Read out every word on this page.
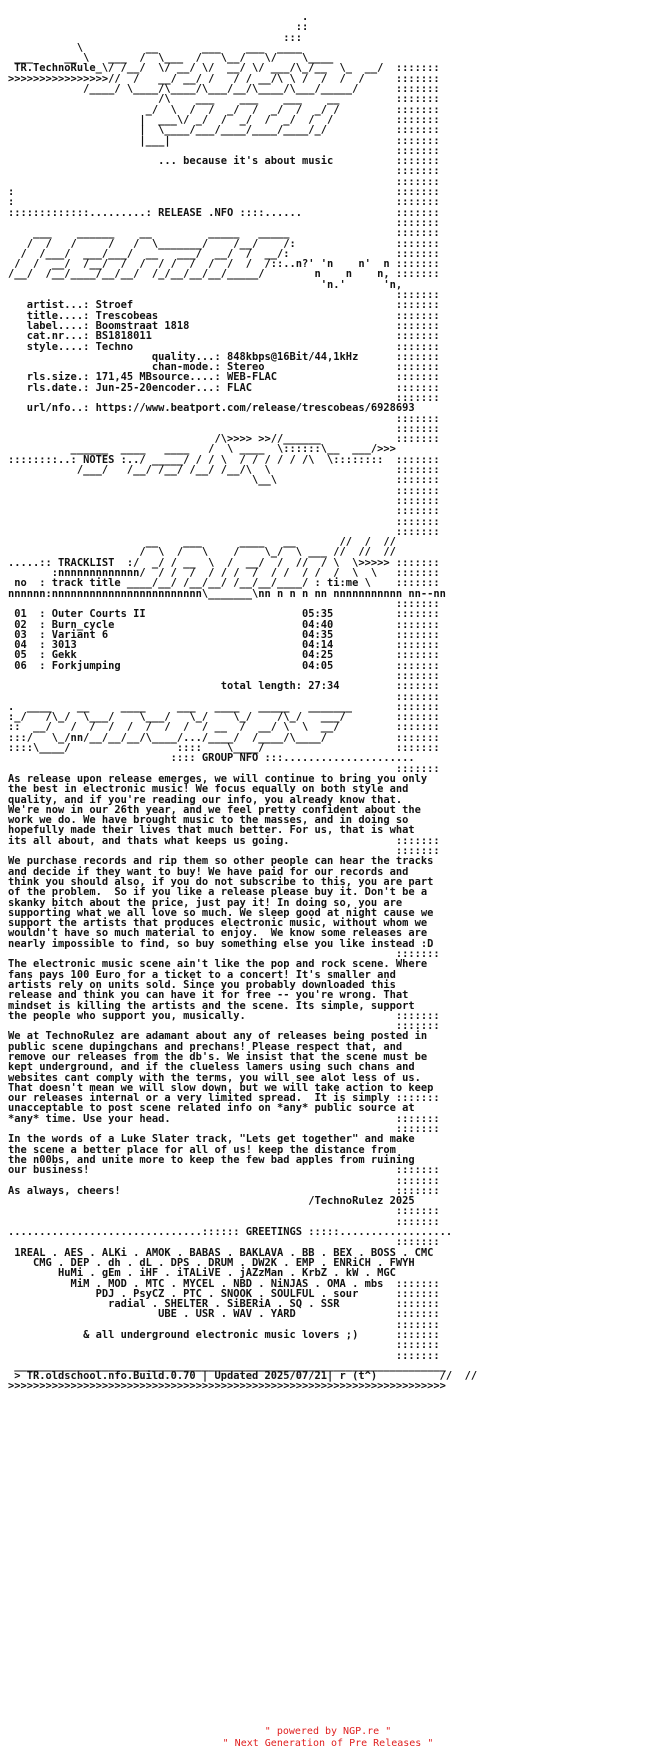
.
::
:::
\          __       ___    ___  ____
___     __ \   ___  /  \___  /   \__/   \/    \____
TR.TechnoRule_\/ /__/  \/ __/ \/  __/ \/ ___/\_/__  \_  __/  :::::::
>>>>>>>>>>>>>>>>//  /   __/ __/ /   / / __/\ \ /  /  /  /     :::::::
/____/ \____/\____/\___/__/\____/\___/_____/      :::::::
/\    ___    ___    ___    __         :::::::
_/  \  /  /  _/  /  _/  /  _/ /         :::::::
|  ___\/ _/  /  _/  /  _/  /  /          :::::::
|  \____/___/____/____/____/_/           :::::::
|___|                                    :::::::
:::::::
... because it's about music          :::::::
:::::::
:::::::
:                                                             :::::::
:                                                             :::::::
:::::::::::::.........: RELEASE .NFO ::::......               :::::::
:::::::
___    ______    __         _____   _____                 :::::::
/  /   /     /   /  \_______/    /__/    /:                :::::::
/  /___/  ___/___/  __   ___/  __/  /  __/:                 :::::::
/  /  __/  /__/  /  /  / /  /  /  /  /  /::..n?' 'n    n'  n :::::::
/__/  /__/____/__/__/  /_/__/__/__/_____/        n    n    n, :::::::
'n.'      'n,
:::::::
artist...: Stroef                                          :::::::
title....: Trescobeas                                      :::::::
label....: Boomstraat 1818                                 :::::::
cat.nr...: BS1818011                                       :::::::
style....: Techno                                          :::::::
quality...: 848kbps@16Bit/44,1kHz      :::::::
chan-mode.: Stereo                     :::::::
rls.size.: 171,45 MBsource....: WEB-FLAC                   :::::::
rls.date.: Jun-25-20encoder...: FLAC                       :::::::
:::::::
url/nfo..: https://www.beatport.com/release/trescobeas/6928693
:::::::
:::::::
/\>>>> >>//______            :::::::
______  ____   ____   /  \ ____  \::::::\__  ___/>>>
::::::::..: NOTES :../ _____/ / / \  / / / / / /\  \::::::::  :::::::
/___/   /__/ /__/ /__/ /__/\  \                    :::::::
\__\                   :::::::
:::::::
:::::::
:::::::
:::::::
:::::::
__    ___      ____   __       //  /  //
/  \  /   \    /    \_/  \ ___ //  //  //
.....:: TRACKLIST  :/  _/ / __  \  /  __/  /  //  / \  \>>>>> :::::::
:nnnnnnnnnnnnn/  / /  /  / / /  /  / /  / /  /  \  \   :::::::
no  : track title ____/__/ /__/__/ /__/__/____/ : ti:me \    :::::::
nnnnnn:nnnnnnnnnnnnnnnnnnnnnnnn\_______\nn n n n nn nnnnnnnnnnn nn--nn
:::::::
01  : Outer Courts II                         05:35          :::::::
02  : Burn_cycle                              04:40          :::::::
03  : Variant 6                               04:35          :::::::
04  : 3013                                    04:14          :::::::
05  : Gekk                                    04:25          :::::::
06  : Forkjumping                             04:05          :::::::
:::::::
total length: 27:34         :::::::
:::::::
.  ____    __     ____     ___   ____   _____   _______       :::::::
:_/   /\_/  \___/    \___/   \_/    \_/    /\_/   ___/        :::::::
::  __/   /  /  /  /  /  /  /  / __  /  __/ \  \  __/         :::::::
:::/   \_/nn/__/__/__/\____/.../____/  /____/\____/           :::::::
::::\____/                 ::::    \____/                     :::::::
:::: GROUP NFO :::.....................
:::::::
As release upon release emerges, we will continue to bring you only
the best in electronic music! We focus equally on both style and
quality, and if you're reading our info, you already know that.
We're now in our 26th year, and we feel pretty confident about the
work we do. We have brought music to the masses, and in doing so
hopefully made their lives that much better. For us, that is what
its all about, and thats what keeps us going.                 :::::::
:::::::
We purchase records and rip them so other people can hear the tracks
and decide if they want to buy! We have paid for our records and
think you should also, if you do not subscribe to this, you are part
of the problem.  So if you like a release please buy it. Don't be a
skanky bitch about the price, just pay it! In doing so, you are
supporting what we all love so much. We sleep good at night cause we
support the artists that produces electronic music, without whom we
wouldn't have so much material to enjoy.  We know some releases are
nearly impossible to find, so buy something else you like instead :D
:::::::
The electronic music scene ain't like the pop and rock scene. Where
fans pays 100 Euro for a ticket to a concert! It's smaller and
artists rely on units sold. Since you probably downloaded this
release and think you can have it for free -- you're wrong. That
mindset is killing the artists and the scene. Its simple, support
the people who support you, musically.                        :::::::
:::::::
We at TechnoRulez are adamant about any of releases being posted in
public scene dupingchans and prechans! Please respect that, and
remove our releases from the db's. We insist that the scene must be
kept underground, and if the clueless lamers using such chans and
websites cant comply with the terms, you will see alot less of us.
That doesn't mean we will slow down, but we will take action to keep
our releases internal or a very limited spread.  It is simply :::::::
unacceptable to post scene related info on *any* public source at
*any* time. Use your head.                                    :::::::
:::::::
In the words of a Luke Slater track, "Lets get together" and make
the scene a better place for all of us! keep the distance from
the n00bs, and unite more to keep the few bad apples from ruining
our business!                                                 :::::::
:::::::
As always, cheers!                                            :::::::
/TechnoRulez 2025
:::::::
:::::::
...............................:::::: GREETINGS :::::..................
:::::::
1REAL . AES . ALKi . AMOK . BABAS . BAKLAVA . BB . BEX . BOSS . CMC
CMG . DEP . dh . dL . DPS . DRUM . DW2K . EMP . ENRiCH . FWYH
HuMi . gEm . iHF . iTALiVE . jAZzMan . KrbZ . kW . MGC
MiM . MOD . MTC . MYCEL . NBD . NiNJAS . OMA . mbs  :::::::
PDJ . PsyCZ . PTC . SNOOK . SOULFUL . sour      :::::::
radial . SHELTER . SiBERiA . SQ . SSR         :::::::
UBE . USR . WAV . YARD                :::::::
:::::::
& all underground electronic music lovers ;)      :::::::
:::::::
:::::::
_____________________________________________________________________
> TR.oldschool.nfo.Build.0.70 | Updated 2025/07/21| r (t^)          //  //
>>>>>>>>>>>>>>>>>>>>>>>>>>>>>>>>>>>>>>>>>>>>>>>>>>>>>>>>>>>>>>>>>>>>>>

" powered by NGP.re "
" Next Generation of Pre Releases "
